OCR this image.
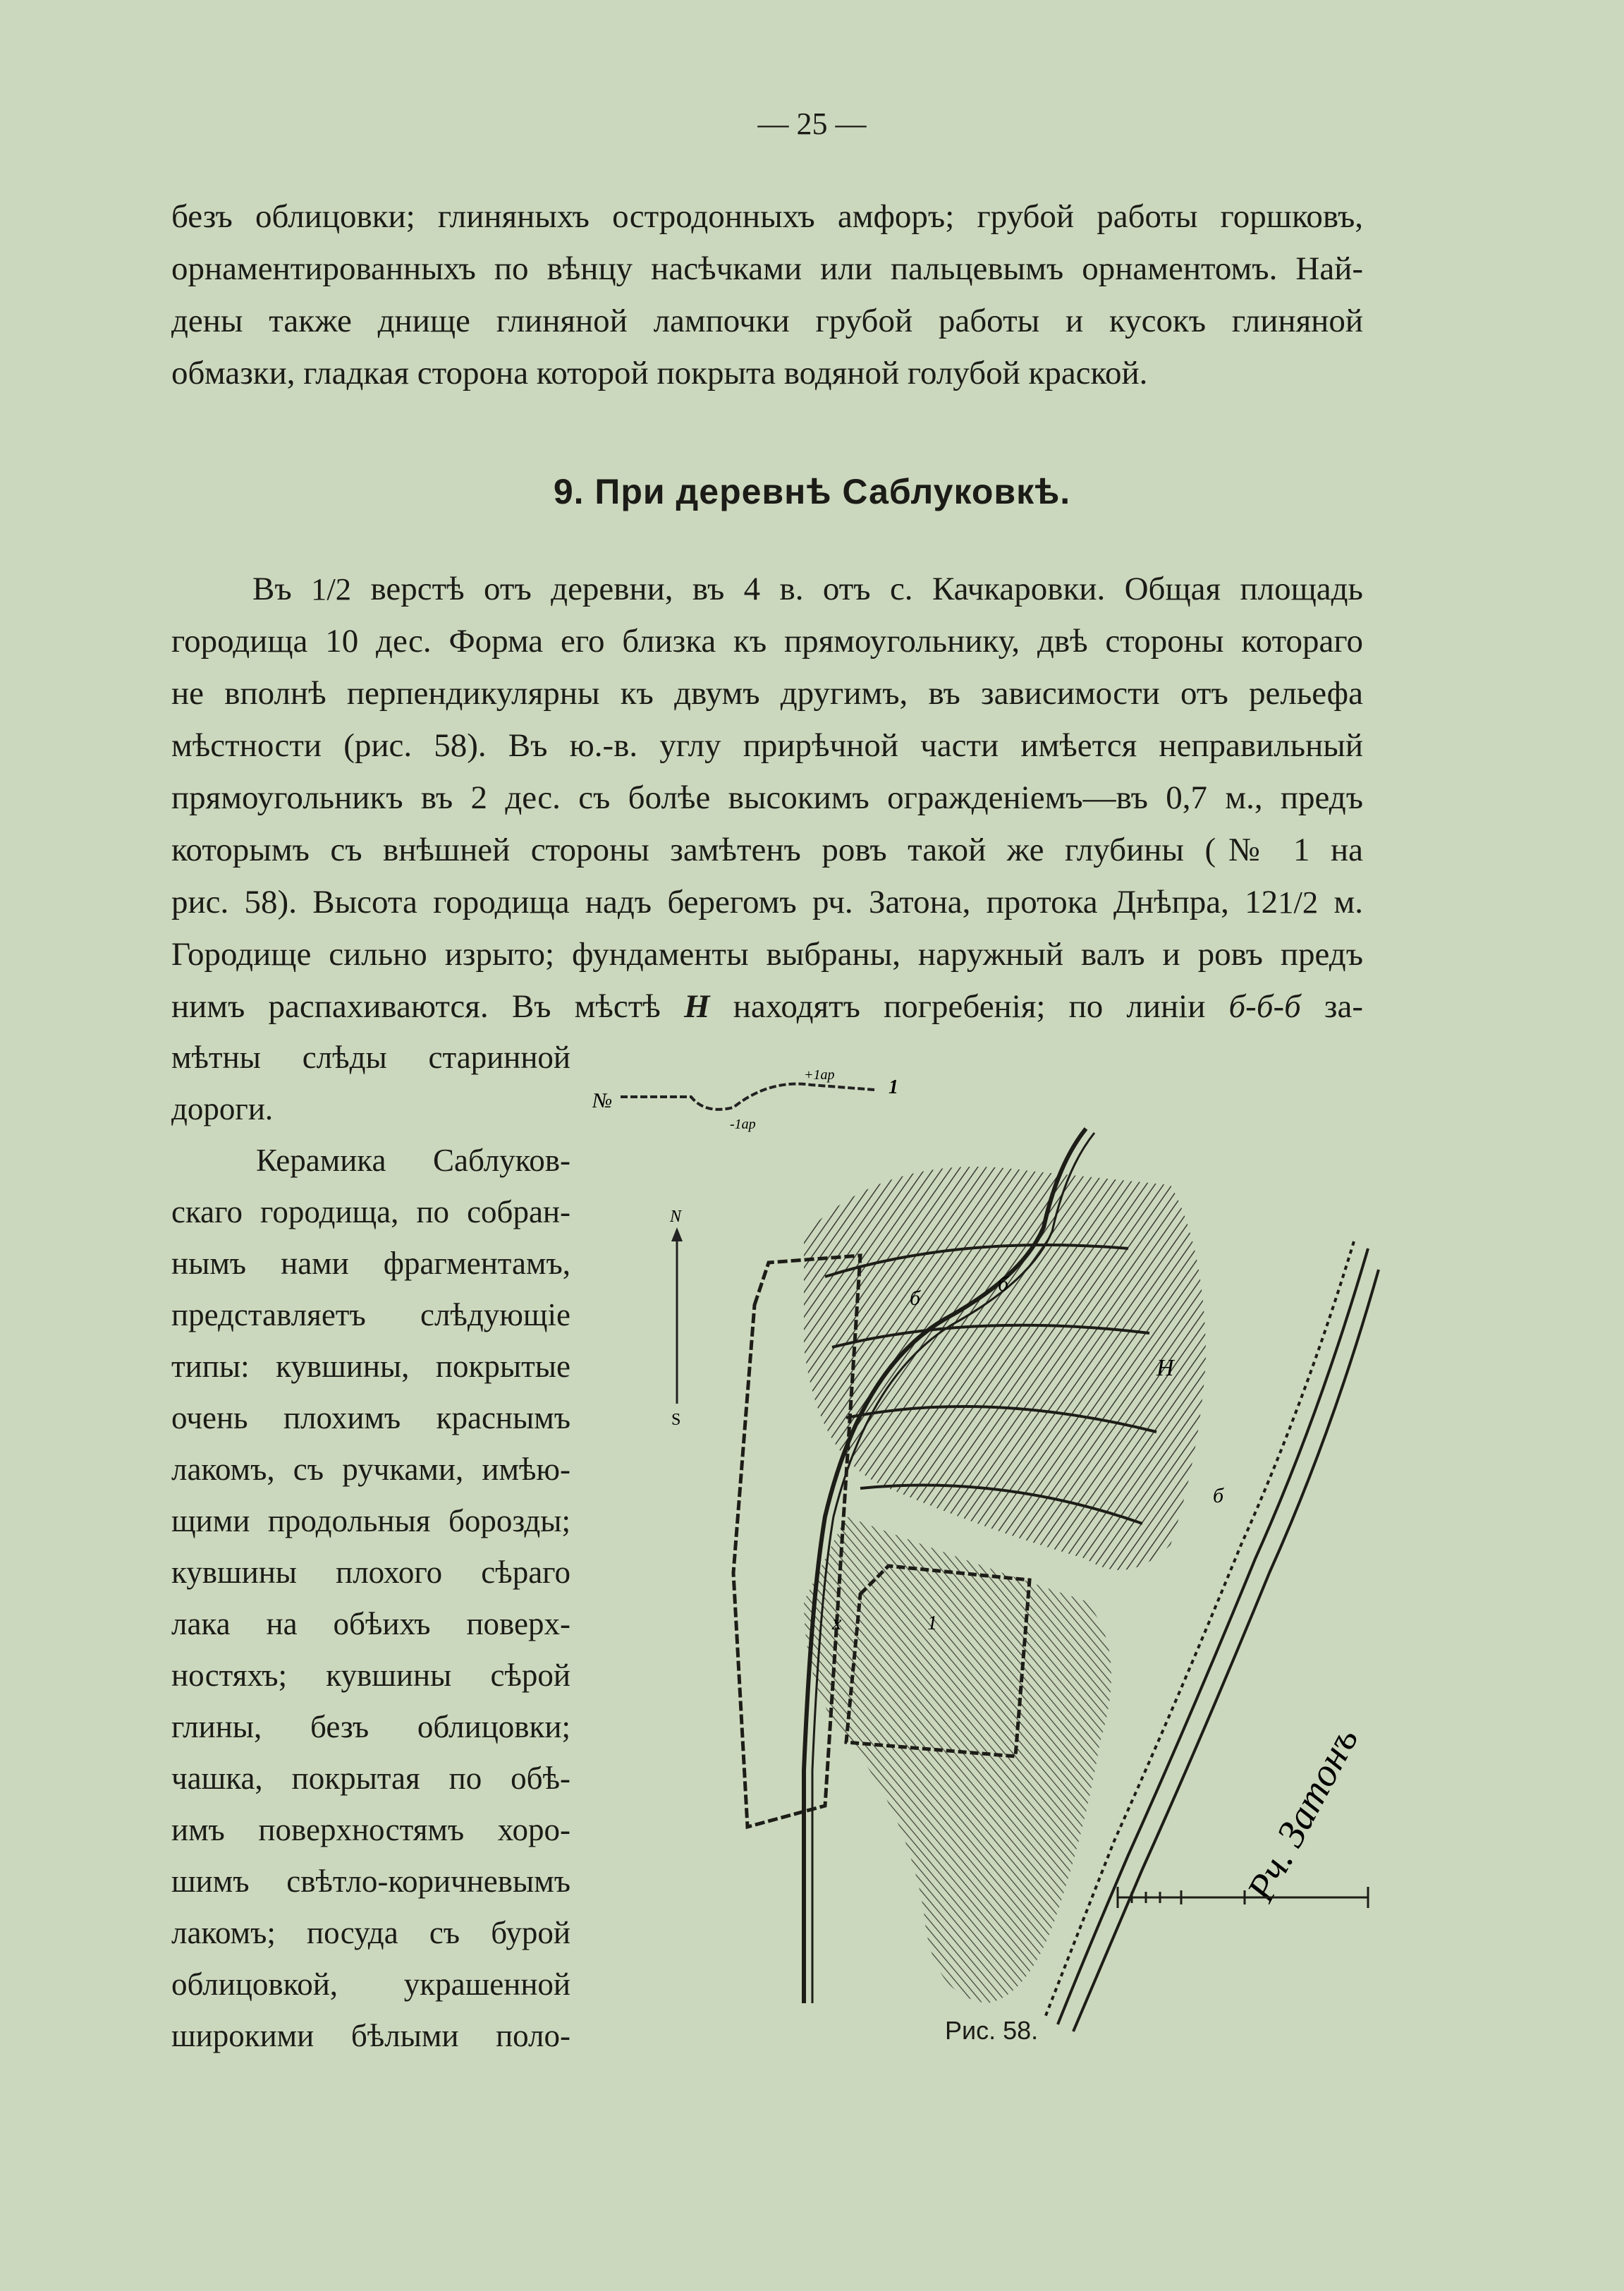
— 25 —
безъ облицовки; глиняныхъ остродонныхъ амфоръ; грубой работы горшковъ,
орнаментированныхъ по вѣнцу насѣчками или пальцевымъ орнаментомъ. Най-
дены также днище глиняной лампочки грубой работы и кусокъ глиняной
обмазки, гладкая сторона которой покрыта водяной голубой краской.
9. При деревнѣ Саблуковкѣ.
Въ 1/2 верстѣ отъ деревни, въ 4 в. отъ с. Качкаровки. Общая площадь
городища 10 дес. Форма его близка къ прямоугольнику, двѣ стороны котораго
не вполнѣ перпендикулярны къ двумъ другимъ, въ зависимости отъ рельефа
мѣстности (рис. 58). Въ ю.-в. углу прирѣчной части имѣется неправильный
прямоугольникъ въ 2 дес. съ болѣе высокимъ огражденіемъ—въ 0,7 м., предъ
которымъ съ внѣшней стороны замѣтенъ ровъ такой же глубины (№ 1 на
рис. 58). Высота городища надъ берегомъ рч. Затона, протока Днѣпра, 121/2 м.
Городище сильно изрыто; фундаменты выбраны, наружный валъ и ровъ предъ
нимъ распахиваются. Въ мѣстѣ Н находятъ погребенія; по линіи б-б-б за-
мѣтны слѣды старинной
дороги.
Керамика Саблуков-
скаго городища, по собран-
нымъ нами фрагментамъ,
представляетъ слѣдующіе
типы: кувшины, покрытые
очень плохимъ краснымъ
лакомъ, съ ручками, имѣю-
щими продольныя борозды;
кувшины плохого сѣраго
лака на обѣихъ поверх-
ностяхъ; кувшины сѣрой
глины, безъ облицовки;
чашка, покрытая по обѣ-
имъ поверхностямъ хоро-
шимъ свѣтло-коричневымъ
лакомъ; посуда съ бурой
облицовкой, украшенной
широкими бѣлыми поло-
№
+1ар
-1ар
1
N
S
Рч. Затонъ
Н
б
б
б
х	1
Рис. 58.
